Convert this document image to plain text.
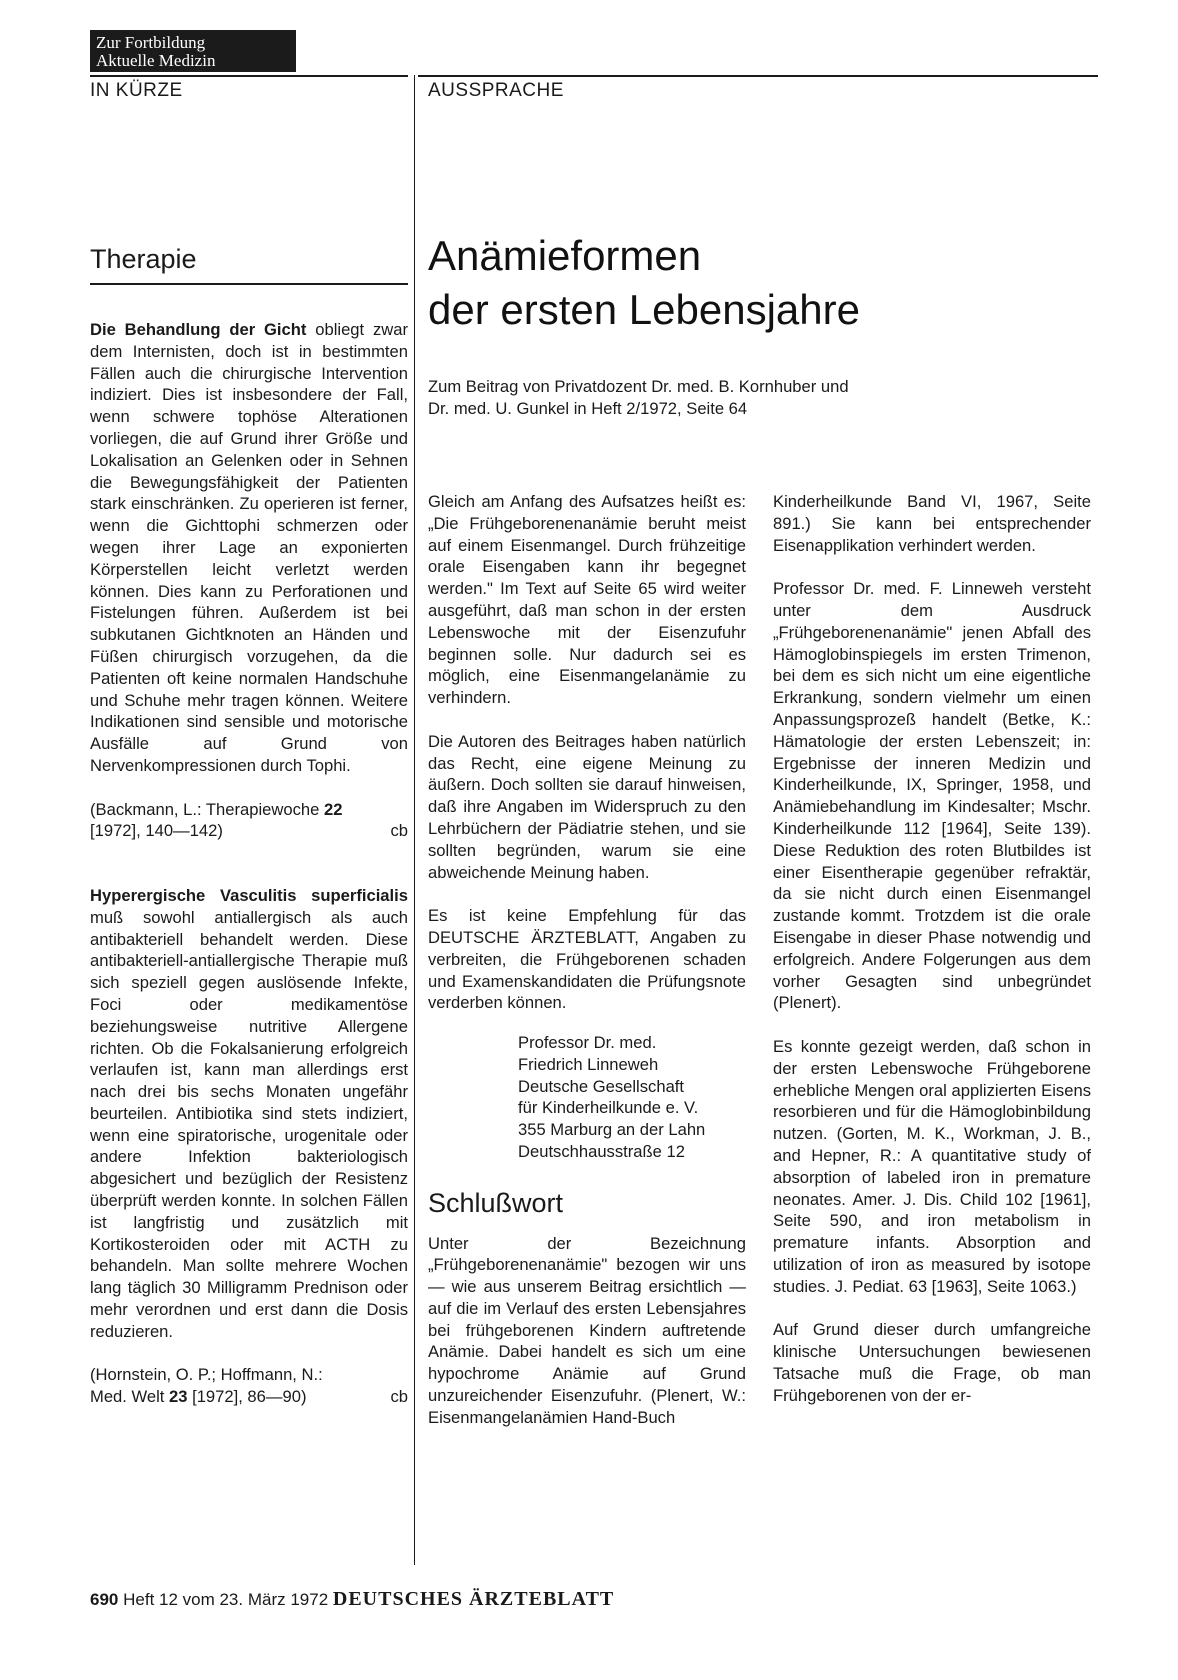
Zur Fortbildung
Aktuelle Medizin
IN KÜRZE	AUSSPRACHE
Therapie

Die Behandlung der Gicht obliegt zwar dem Internisten, doch ist in bestimmten Fällen auch die chirurgische Intervention indiziert. Dies ist insbesondere der Fall, wenn schwere tophöse Alterationen vorliegen, die auf Grund ihrer Größe und Lokalisation an Gelenken oder in Sehnen die Bewegungsfähigkeit der Patienten stark einschränken. Zu operieren ist ferner, wenn die Gichttophi schmerzen oder wegen ihrer Lage an exponierten Körperstellen leicht verletzt werden können. Dies kann zu Perforationen und Fistelungen führen. Außerdem ist bei subkutanen Gichtknoten an Händen und Füßen chirurgisch vorzugehen, da die Patienten oft keine normalen Handschuhe und Schuhe mehr tragen können. Weitere Indikationen sind sensible und motorische Ausfälle auf Grund von Nervenkompressionen durch Tophi.

(Backmann, L.: Therapiewoche 22
[1972], 140—142)	cb

Hyperergische Vasculitis superficialis muß sowohl antiallergisch als auch antibakteriell behandelt werden. Diese antibakteriell-antiallergische Therapie muß sich speziell gegen auslösende Infekte, Foci oder medikamentöse beziehungsweise nutritive Allergene richten. Ob die Fokalsanierung erfolgreich verlaufen ist, kann man allerdings erst nach drei bis sechs Monaten ungefähr beurteilen. Antibiotika sind stets indiziert, wenn eine spiratorische, urogenitale oder andere Infektion bakteriologisch abgesichert und bezüglich der Resistenz überprüft werden konnte. In solchen Fällen ist langfristig und zusätzlich mit Kortikosteroiden oder mit ACTH zu behandeln. Man sollte mehrere Wochen lang täglich 30 Milligramm Prednison oder mehr verordnen und erst dann die Dosis reduzieren.

(Hornstein, O. P.; Hoffmann, N.:
Med. Welt 23 [1972], 86—90)	cb

Anämieformen
der ersten Lebensjahre
Zum Beitrag von Privatdozent Dr. med. B. Kornhuber und
Dr. med. U. Gunkel in Heft 2/1972, Seite 64

Gleich am Anfang des Aufsatzes heißt es: „Die Frühgeborenenanämie beruht meist auf einem Eisenmangel. Durch frühzeitige orale Eisengaben kann ihr begegnet werden." Im Text auf Seite 65 wird weiter ausgeführt, daß man schon in der ersten Lebenswoche mit der Eisenzufuhr beginnen solle. Nur dadurch sei es möglich, eine Eisenmangelanämie zu verhindern.

Die Autoren des Beitrages haben natürlich das Recht, eine eigene Meinung zu äußern. Doch sollten sie darauf hinweisen, daß ihre Angaben im Widerspruch zu den Lehrbüchern der Pädiatrie stehen, und sie sollten begründen, warum sie eine abweichende Meinung haben.

Es ist keine Empfehlung für das DEUTSCHE ÄRZTEBLATT, Angaben zu verbreiten, die Frühgeborenen schaden und Examenskandidaten die Prüfungsnote verderben können.

Professor Dr. med.
Friedrich Linneweh
Deutsche Gesellschaft
für Kinderheilkunde e. V.
355 Marburg an der Lahn
Deutschhausstraße 12
Schlußwort

Unter der Bezeichnung „Frühgeborenenanämie" bezogen wir uns — wie aus unserem Beitrag ersichtlich — auf die im Verlauf des ersten Lebensjahres bei frühgeborenen Kindern auftretende Anämie. Dabei handelt es sich um eine hypochrome Anämie auf Grund unzureichender Eisenzufuhr. (Plenert, W.: Eisenmangelanämien Hand-Buch

Kinderheilkunde Band VI, 1967, Seite 891.) Sie kann bei entsprechender Eisenapplikation verhindert werden.

Professor Dr. med. F. Linneweh versteht unter dem Ausdruck „Frühgeborenenanämie" jenen Abfall des Hämoglobinspiegels im ersten Trimenon, bei dem es sich nicht um eine eigentliche Erkrankung, sondern vielmehr um einen Anpassungsprozeß handelt (Betke, K.: Hämatologie der ersten Lebenszeit; in: Ergebnisse der inneren Medizin und Kinderheilkunde, IX, Springer, 1958, und Anämiebehandlung im Kindesalter; Mschr. Kinderheilkunde 112 [1964], Seite 139). Diese Reduktion des roten Blutbildes ist einer Eisentherapie gegenüber refraktär, da sie nicht durch einen Eisenmangel zustande kommt. Trotzdem ist die orale Eisengabe in dieser Phase notwendig und erfolgreich. Andere Folgerungen aus dem vorher Gesagten sind unbegründet (Plenert).

Es konnte gezeigt werden, daß schon in der ersten Lebenswoche Frühgeborene erhebliche Mengen oral applizierten Eisens resorbieren und für die Hämoglobinbildung nutzen. (Gorten, M. K., Workman, J. B., and Hepner, R.: A quantitative study of absorption of labeled iron in premature neonates. Amer. J. Dis. Child 102 [1961], Seite 590, and iron metabolism in premature infants. Absorption and utilization of iron as measured by isotope studies. J. Pediat. 63 [1963], Seite 1063.)

Auf Grund dieser durch umfangreiche klinische Untersuchungen bewiesenen Tatsache muß die Frage, ob man Frühgeborenen von der er-

690 Heft 12 vom 23. März 1972 DEUTSCHES ÄRZTEBLATT
